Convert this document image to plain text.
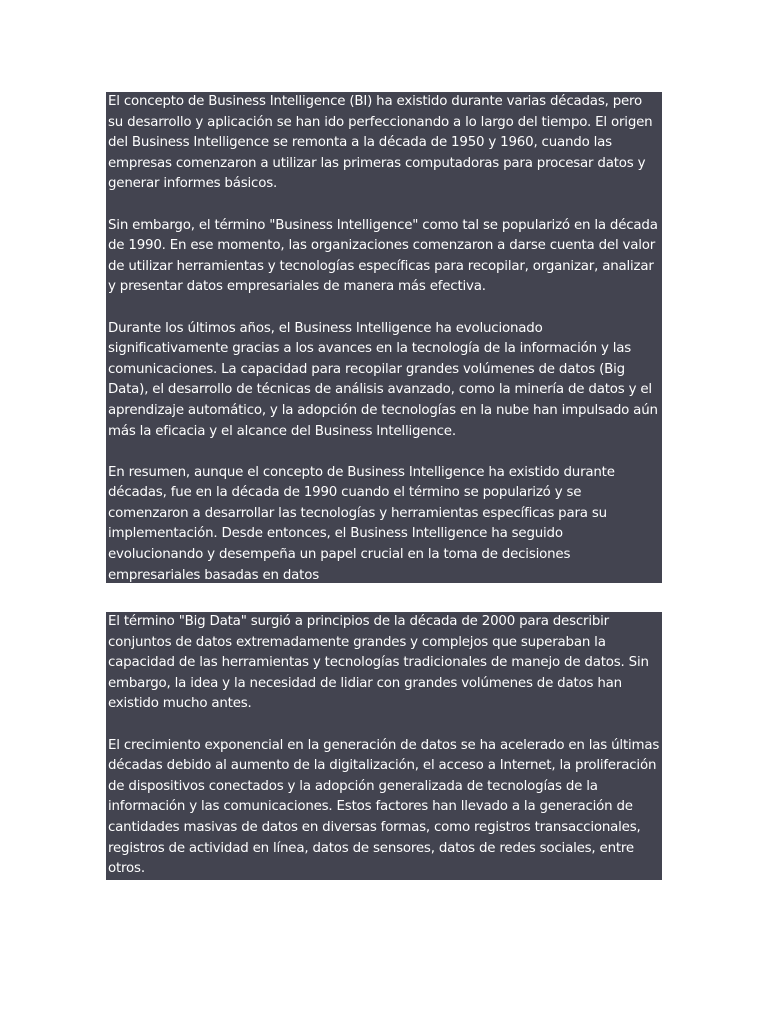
El concepto de Business Intelligence (BI) ha existido durante varias décadas, pero su desarrollo y aplicación se han ido perfeccionando a lo largo del tiempo. El origen del Business Intelligence se remonta a la década de 1950 y 1960, cuando las empresas comenzaron a utilizar las primeras computadoras para procesar datos y generar informes básicos.

Sin embargo, el término "Business Intelligence" como tal se popularizó en la década de 1990. En ese momento, las organizaciones comenzaron a darse cuenta del valor de utilizar herramientas y tecnologías específicas para recopilar, organizar, analizar y presentar datos empresariales de manera más efectiva.

Durante los últimos años, el Business Intelligence ha evolucionado significativamente gracias a los avances en la tecnología de la información y las comunicaciones. La capacidad para recopilar grandes volúmenes de datos (Big Data), el desarrollo de técnicas de análisis avanzado, como la minería de datos y el aprendizaje automático, y la adopción de tecnologías en la nube han impulsado aún más la eficacia y el alcance del Business Intelligence.

En resumen, aunque el concepto de Business Intelligence ha existido durante décadas, fue en la década de 1990 cuando el término se popularizó y se comenzaron a desarrollar las tecnologías y herramientas específicas para su implementación. Desde entonces, el Business Intelligence ha seguido evolucionando y desempeña un papel crucial en la toma de decisiones empresariales basadas en datos

El término "Big Data" surgió a principios de la década de 2000 para describir conjuntos de datos extremadamente grandes y complejos que superaban la capacidad de las herramientas y tecnologías tradicionales de manejo de datos. Sin embargo, la idea y la necesidad de lidiar con grandes volúmenes de datos han existido mucho antes.

El crecimiento exponencial en la generación de datos se ha acelerado en las últimas décadas debido al aumento de la digitalización, el acceso a Internet, la proliferación de dispositivos conectados y la adopción generalizada de tecnologías de la información y las comunicaciones. Estos factores han llevado a la generación de cantidades masivas de datos en diversas formas, como registros transaccionales, registros de actividad en línea, datos de sensores, datos de redes sociales, entre otros.
